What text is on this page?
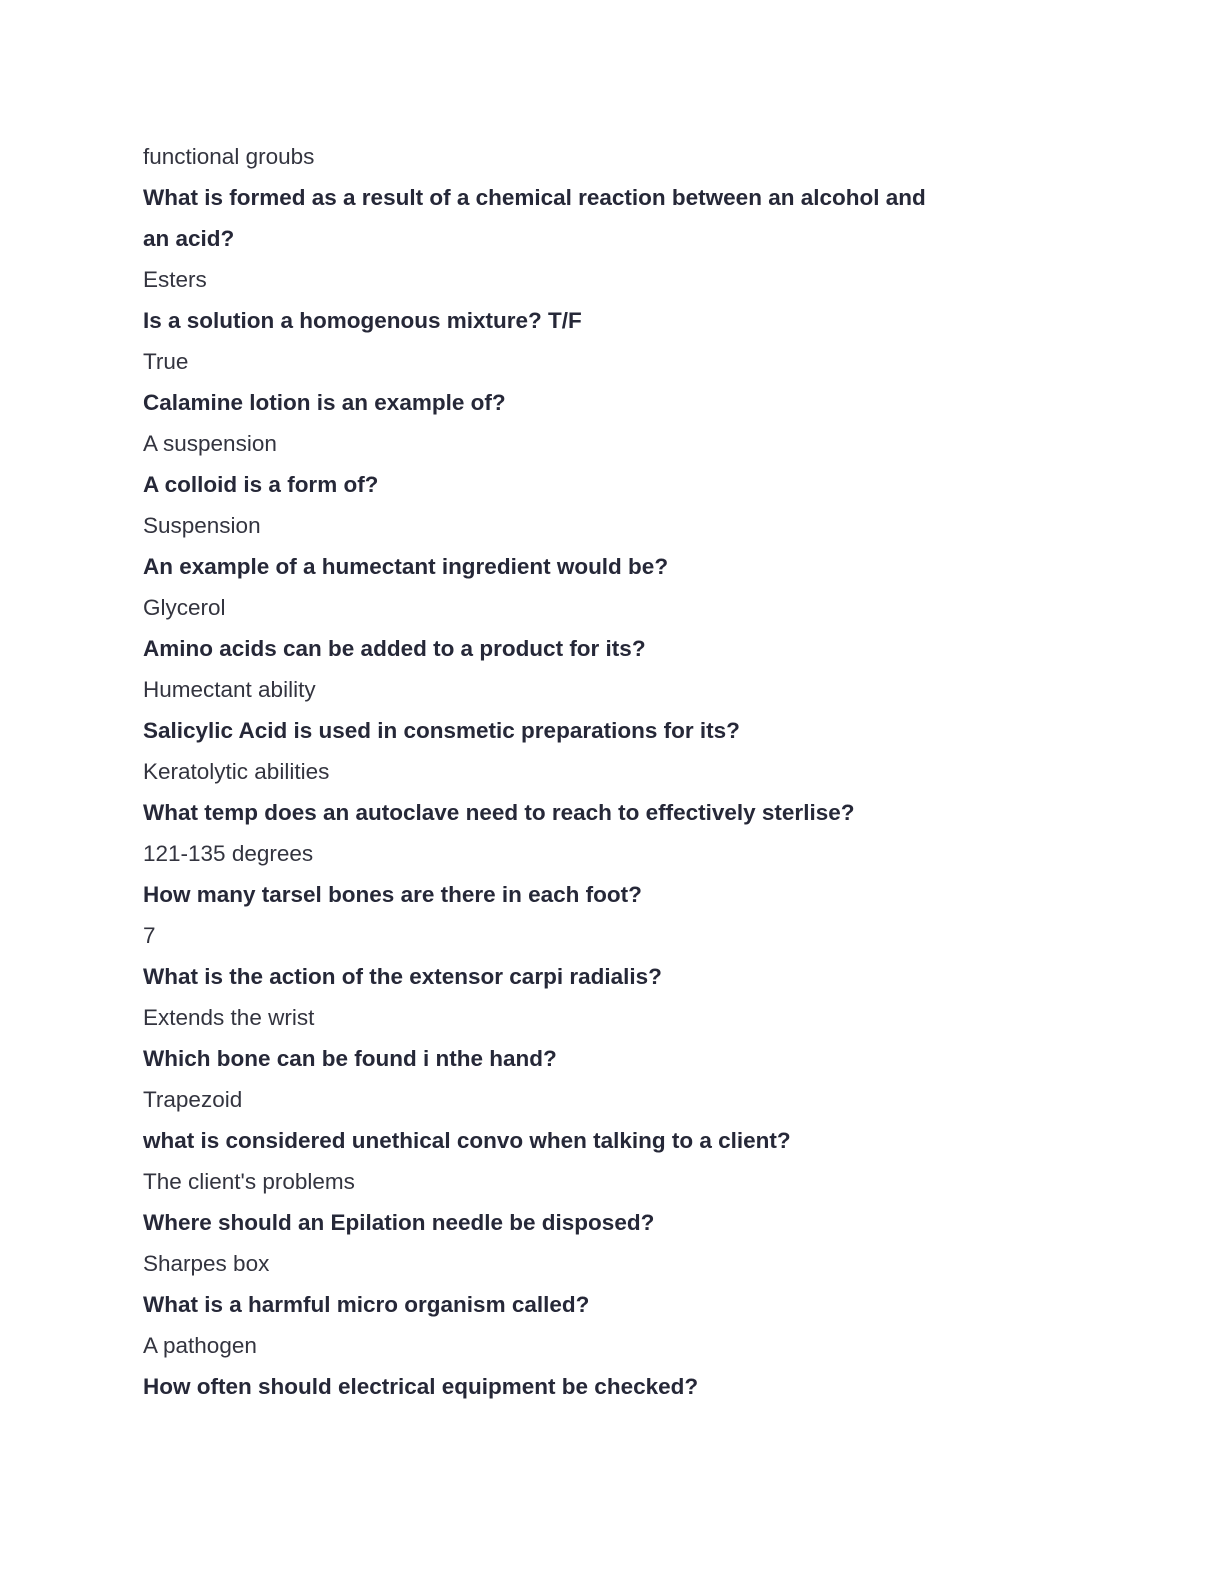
functional groubs
What is formed as a result of a chemical reaction between an alcohol and
an acid?
Esters
Is a solution a homogenous mixture? T/F
True
Calamine lotion is an example of?
A suspension
A colloid is a form of?
Suspension
An example of a humectant ingredient would be?
Glycerol
Amino acids can be added to a product for its?
Humectant ability
Salicylic Acid is used in consmetic preparations for its?
Keratolytic abilities
What temp does an autoclave need to reach to effectively sterlise?
121-135 degrees
How many tarsel bones are there in each foot?
7
What is the action of the extensor carpi radialis?
Extends the wrist
Which bone can be found i nthe hand?
Trapezoid
what is considered unethical convo when talking to a client?
The client's problems
Where should an Epilation needle be disposed?
Sharpes box
What is a harmful micro organism called?
A pathogen
How often should electrical equipment be checked?
